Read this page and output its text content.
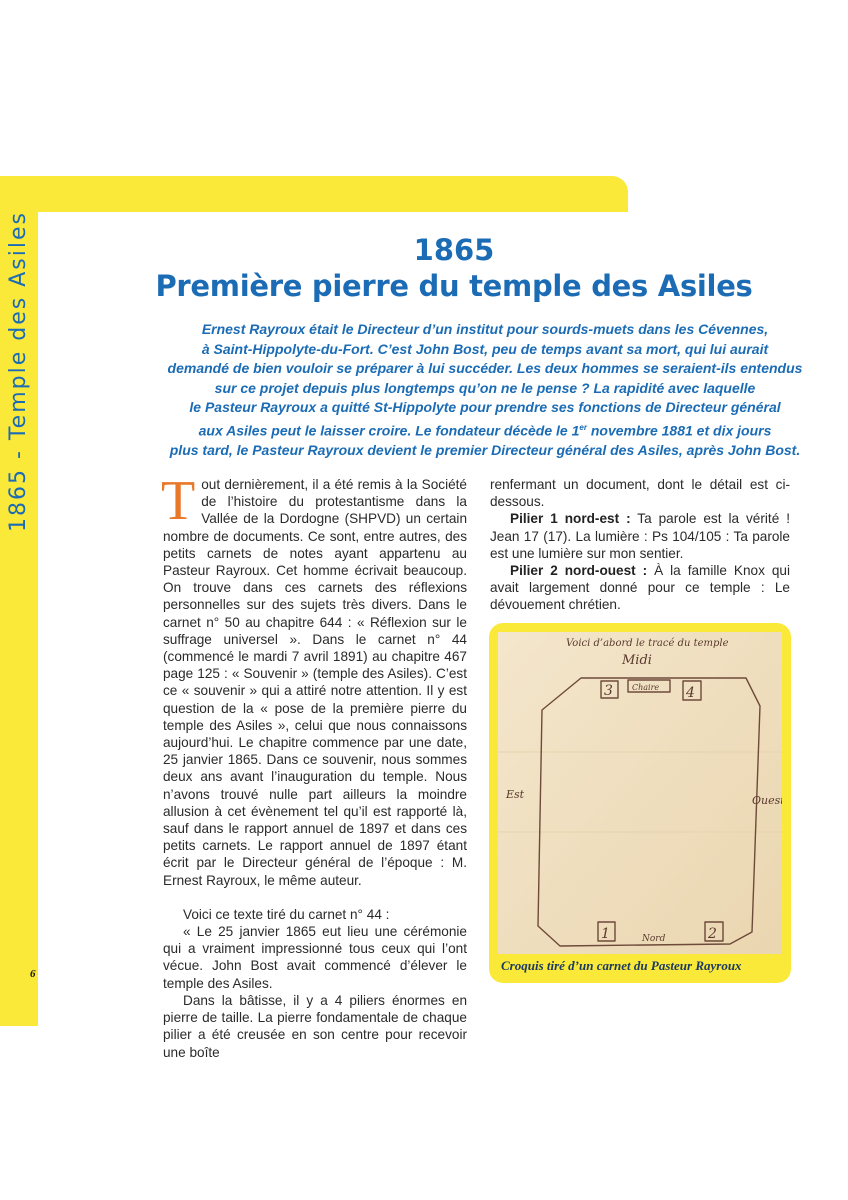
1865 - Temple des Asiles
6
1865
Première pierre du temple des Asiles
Ernest Rayroux était le Directeur d’un institut pour sourds-muets dans les Cévennes,
à Saint-Hippolyte-du-Fort. C’est John Bost, peu de temps avant sa mort, qui lui aurait
demandé de bien vouloir se préparer à lui succéder. Les deux hommes se seraient-ils entendus
sur ce projet depuis plus longtemps qu’on ne le pense ? La rapidité avec laquelle
le Pasteur Rayroux a quitté St-Hippolyte pour prendre ses fonctions de Directeur général
aux Asiles peut le laisser croire. Le fondateur décède le 1er novembre 1881 et dix jours
plus tard, le Pasteur Rayroux devient le premier Directeur général des Asiles, après John Bost.

Tout dernièrement, il a été remis à la Société de l’histoire du protestantisme dans la Vallée de la Dordogne (SHPVD) un certain nombre de documents. Ce sont, entre autres, des petits carnets de notes ayant appartenu au Pasteur Rayroux. Cet homme écrivait beaucoup. On trouve dans ces carnets des réflexions personnelles sur des sujets très divers. Dans le carnet n° 50 au chapitre 644 : « Réflexion sur le suffrage universel ». Dans le carnet n° 44 (commencé le mardi 7 avril 1891) au chapitre 467 page 125 : « Souvenir » (temple des Asiles). C’est ce « souvenir » qui a attiré notre attention. Il y est question de la « pose de la première pierre du temple des Asiles », celui que nous connaissons aujourd’hui. Le chapitre commence par une date, 25 janvier 1865. Dans ce souvenir, nous sommes deux ans avant l’inauguration du temple. Nous n’avons trouvé nulle part ailleurs la moindre allusion à cet évènement tel qu’il est rapporté là, sauf dans le rapport annuel de 1897 et dans ces petits carnets. Le rapport annuel de 1897 étant écrit par le Directeur général de l’époque : M. Ernest Rayroux, le même auteur.

Voici ce texte tiré du carnet n° 44 :

« Le 25 janvier 1865 eut lieu une cérémonie qui a vraiment impressionné tous ceux qui l’ont vécue. John Bost avait commencé d’élever le temple des Asiles.

Dans la bâtisse, il y a 4 piliers énormes en pierre de taille. La pierre fondamentale de chaque pilier a été creusée en son centre pour recevoir une boîte

renfermant un document, dont le détail est ci-dessous.

Pilier 1 nord-est : Ta parole est la vérité ! Jean 17 (17). La lumière : Ps 104/105 : Ta parole est une lumière sur mon sentier.

Pilier 2 nord-ouest : À la famille Knox qui avait largement donné pour ce temple : Le dévouement chrétien.

Voici d’abord le tracé du temple
Midi
Chaire
3	4
Est	Ouest
1	Nord	2
Croquis tiré d’un carnet du Pasteur Rayroux
